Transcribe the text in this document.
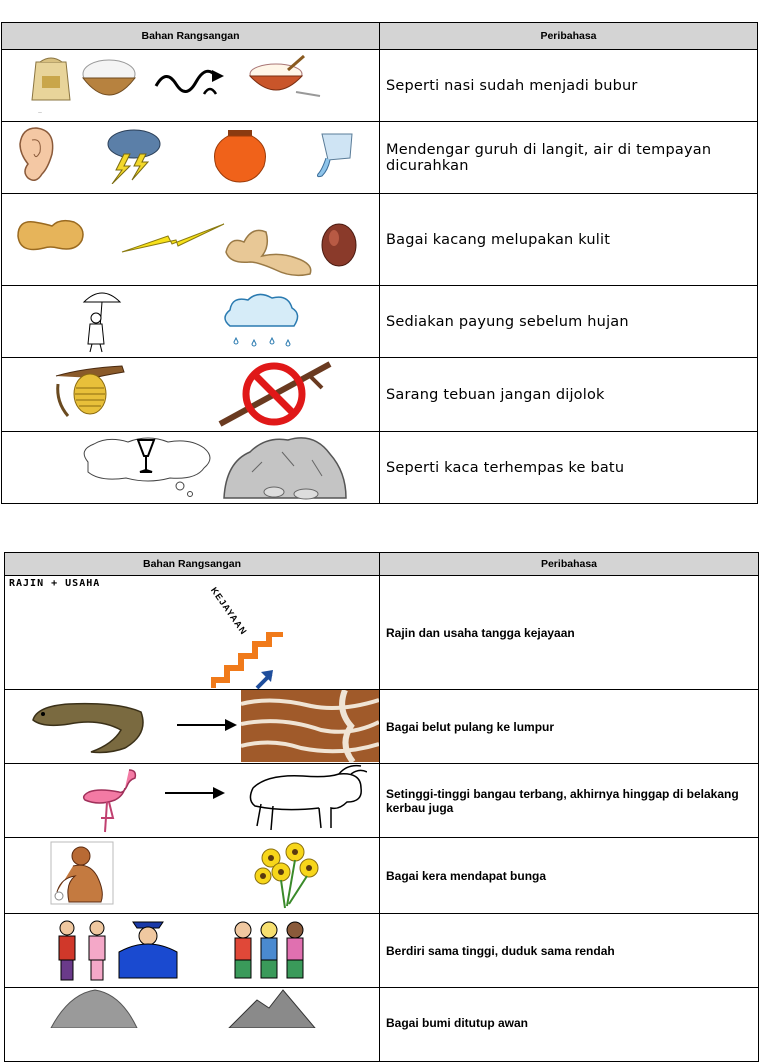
Bahan Rangsangan	Peribahasa

—	Seperti nasi sudah menjadi bubur

	Mendengar guruh di langit, air di tempayan dicurahkan

	Bagai kacang melupakan kulit

	Sediakan payung sebelum hujan

	Sarang tebuan jangan dijolok

	Seperti kaca terhempas ke batu
Bahan Rangsangan	Peribahasa

RAJIN + USAHA
KEJAYAAN	Rajin dan usaha tangga kejayaan

	Bagai belut pulang ke lumpur

	Setinggi-tinggi bangau terbang, akhirnya hinggap di belakang kerbau juga

	Bagai kera mendapat bunga

	Berdiri sama tinggi, duduk sama rendah

	Bagai bumi ditutup awan
